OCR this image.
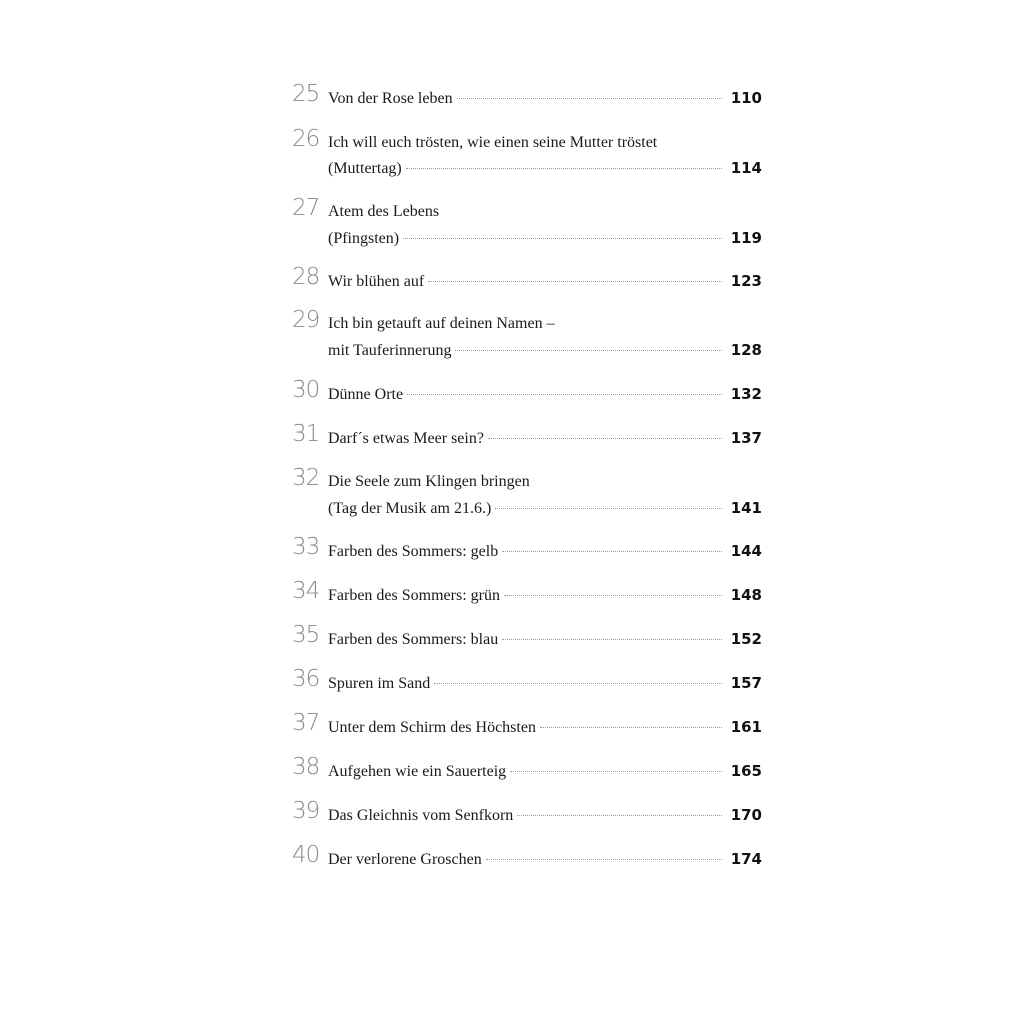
25 Von der Rose leben	110
26 Ich will euch trösten, wie einen seine Mutter tröstet
(Muttertag)	114
27 Atem des Lebens
(Pfingsten)	119
28 Wir blühen auf	123
29 Ich bin getauft auf deinen Namen –
mit Tauferinnerung	128
30 Dünne Orte	132
31 Darf´s etwas Meer sein?	137
32 Die Seele zum Klingen bringen
(Tag der Musik am 21.6.)	141
33 Farben des Sommers: gelb	144
34 Farben des Sommers: grün	148
35 Farben des Sommers: blau	152
36 Spuren im Sand	157
37 Unter dem Schirm des Höchsten	161
38 Aufgehen wie ein Sauerteig	165
39 Das Gleichnis vom Senfkorn	170
40 Der verlorene Groschen	174
